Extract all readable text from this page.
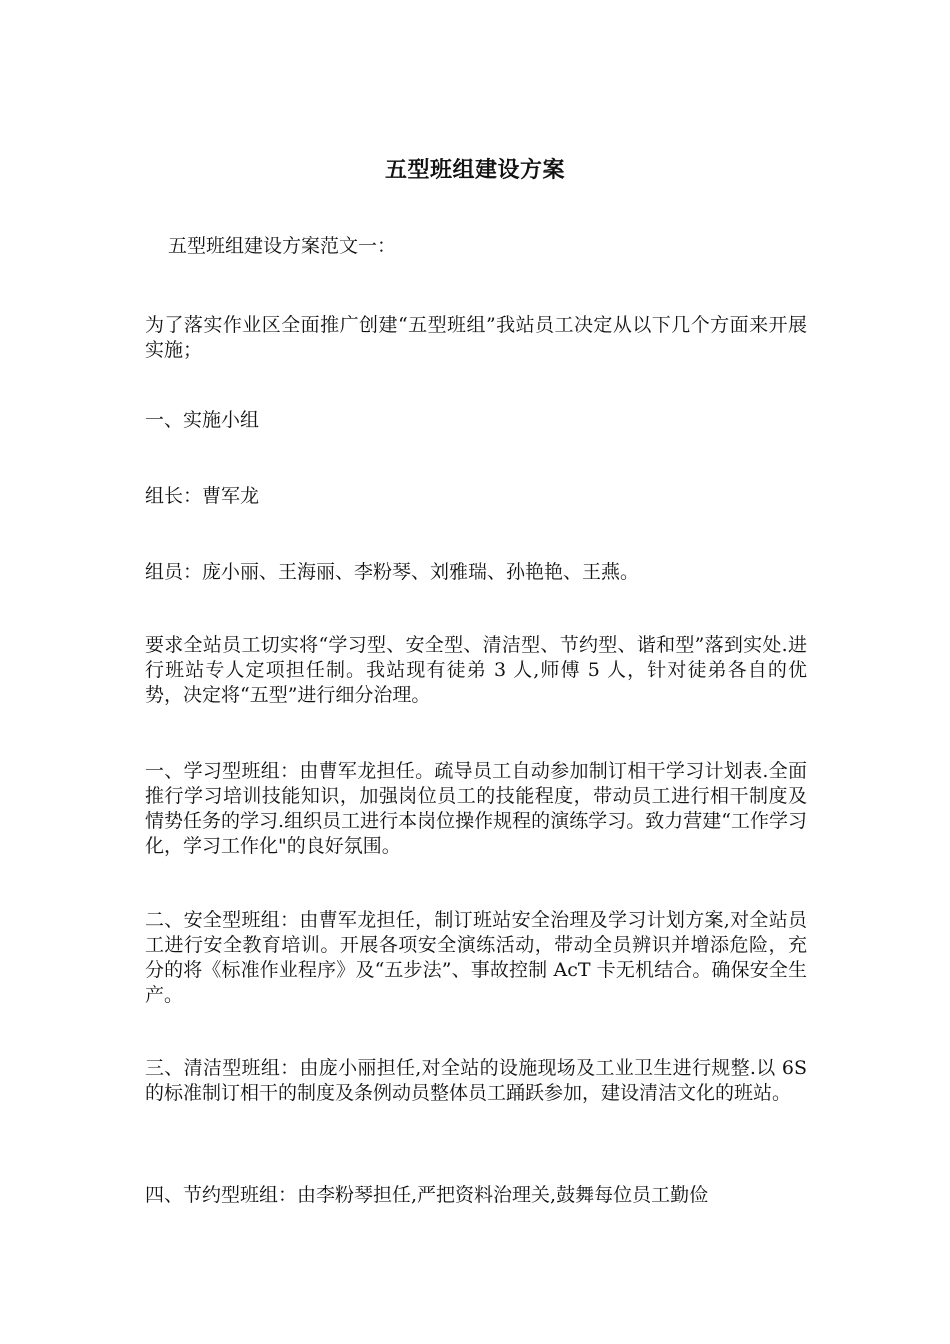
五型班组建设方案
五型班组建设方案范文一：
为了落实作业区全面推广创建“五型班组”我站员工决定从以下几个方面来开展实施；
一、实施小组
组长：曹军龙
组员：庞小丽、王海丽、李粉琴、刘雅瑞、孙艳艳、王燕。
要求全站员工切实将“学习型、安全型、清洁型、节约型、谐和型”落到实处.进行班站专人定项担任制。我站现有徒弟 3 人,师傅 5 人，针对徒弟各自的优势，决定将“五型”进行细分治理。
一、学习型班组：由曹军龙担任。疏导员工自动参加制订相干学习计划表.全面推行学习培训技能知识，加强岗位员工的技能程度，带动员工进行相干制度及情势任务的学习.组织员工进行本岗位操作规程的演练学习。致力营建“工作学习化，学习工作化"的良好氛围。
二、安全型班组：由曹军龙担任，制订班站安全治理及学习计划方案,对全站员工进行安全教育培训。开展各项安全演练活动，带动全员辨识并增添危险，充分的将《标准作业程序》及“五步法”、事故控制 AcT 卡无机结合。确保安全生产。
三、清洁型班组：由庞小丽担任,对全站的设施现场及工业卫生进行规整.以 6S 的标准制订相干的制度及条例动员整体员工踊跃参加，建设清洁文化的班站。
四、节约型班组：由李粉琴担任,严把资料治理关,鼓舞每位员工勤俭
